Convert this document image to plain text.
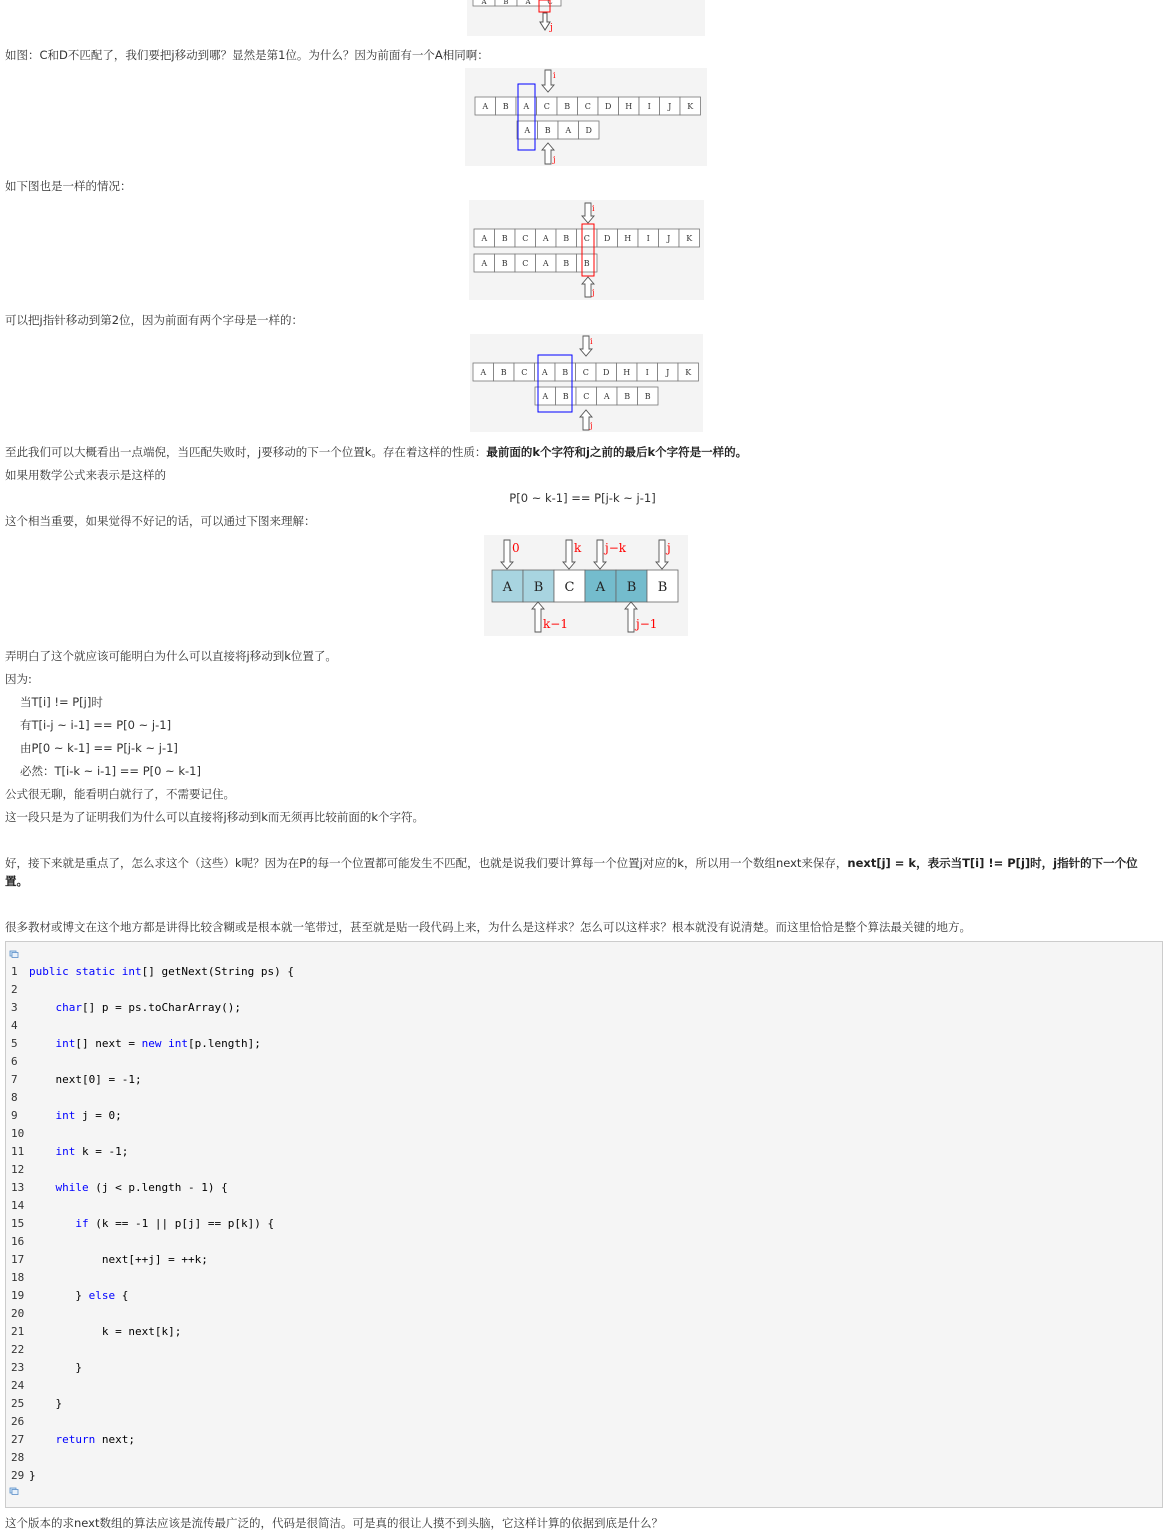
A B A C
j
如图：C和D不匹配了，我们要把j移动到哪？显然是第1位。为什么？因为前面有一个A相同啊：
A B A C B C D H I J K
A B A D
i
j
如下图也是一样的情况：
A B C A B C D H I J K
A B C A B B
i
j
可以把j指针移动到第2位，因为前面有两个字母是一样的：
A B C A B C D H I J K
A B C A B B
i
j
至此我们可以大概看出一点端倪，当匹配失败时，j要移动的下一个位置k。存在着这样的性质：最前面的k个字符和j之前的最后k个字符是一样的。
如果用数学公式来表示是这样的
P[0 ~ k-1] == P[j-k ~ j-1]
这个相当重要，如果觉得不好记的话，可以通过下图来理解：
A B C A B B
0	k j−k	j
k−1	j−1
弄明白了这个就应该可能明白为什么可以直接将j移动到k位置了。
因为:
当T[i] != P[j]时
有T[i-j ~ i-1] == P[0 ~ j-1]
由P[0 ~ k-1] == P[j-k ~ j-1]
必然：T[i-k ~ i-1] == P[0 ~ k-1]
公式很无聊，能看明白就行了，不需要记住。
这一段只是为了证明我们为什么可以直接将j移动到k而无须再比较前面的k个字符。
好，接下来就是重点了，怎么求这个（这些）k呢？因为在P的每一个位置都可能发生不匹配，也就是说我们要计算每一个位置j对应的k，所以用一个数组next来保存，next[j] = k，表示当T[i] != P[j]时，j指针的下一个位
置。
很多教材或博文在这个地方都是讲得比较含糊或是根本就一笔带过，甚至就是贴一段代码上来，为什么是这样求？怎么可以这样求？根本就没有说清楚。而这里恰恰是整个算法最关键的地方。
1 public static int[] getNext(String ps) {
2
3	char[] p = ps.toCharArray();
4
5	int[] next = new int[p.length];
6
7	next[0] = -1;
8
9	int j = 0;
10
11	int k = -1;
12
13	while (j < p.length - 1) {
14
15	if (k == -1 || p[j] == p[k]) {
16
17	next[++j] = ++k;
18
19       } else {
20
21	k = next[k];
22
23       }
24
25    }
26
27	return next;
28
29 }
这个版本的求next数组的算法应该是流传最广泛的，代码是很简洁。可是真的很让人摸不到头脑，它这样计算的依据到底是什么？
